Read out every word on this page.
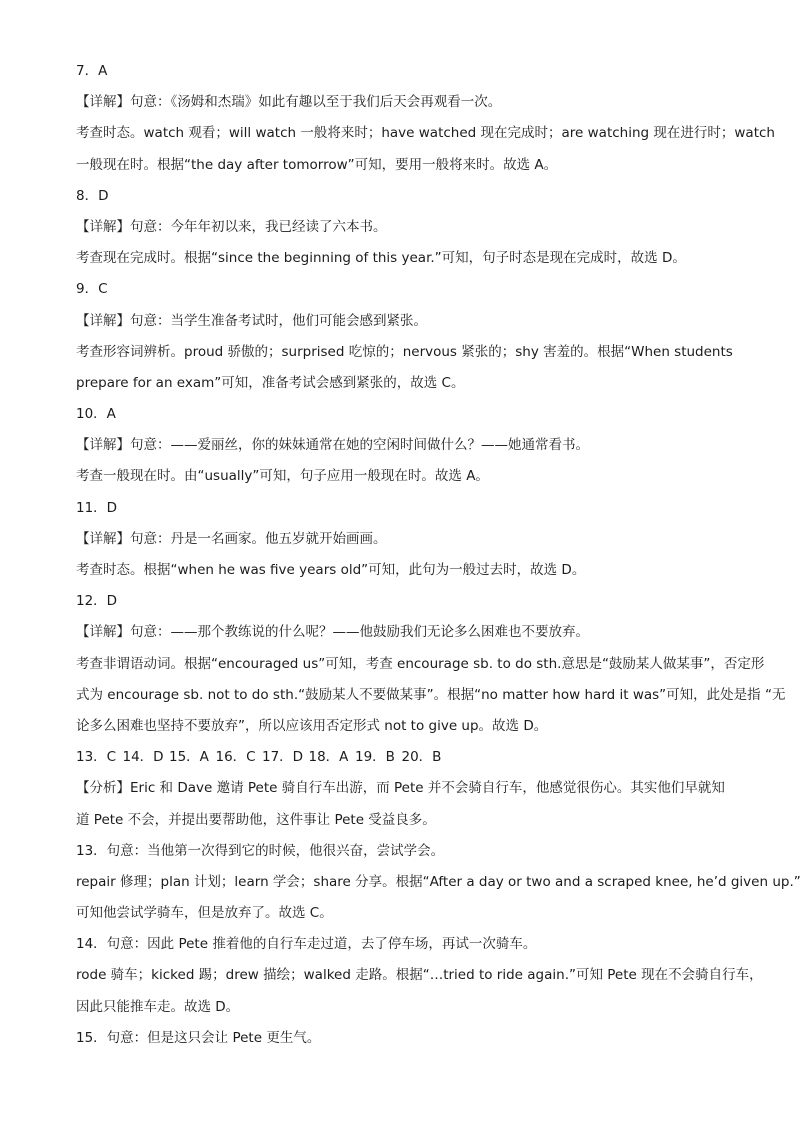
7．A
【详解】句意：《汤姆和杰瑞》如此有趣以至于我们后天会再观看一次。
考查时态。watch 观看；will watch 一般将来时；have watched 现在完成时；are watching 现在进行时；watch
一般现在时。根据“the day after tomorrow”可知，要用一般将来时。故选 A。
8．D
【详解】句意：今年年初以来，我已经读了六本书。
考查现在完成时。根据“since the beginning of this year.”可知，句子时态是现在完成时，故选 D。
9．C
【详解】句意：当学生准备考试时，他们可能会感到紧张。
考查形容词辨析。proud 骄傲的；surprised 吃惊的；nervous 紧张的；shy 害羞的。根据“When students
prepare for an exam”可知，准备考试会感到紧张的，故选 C。
10．A
【详解】句意：——爱丽丝，你的妹妹通常在她的空闲时间做什么？——她通常看书。
考查一般现在时。由“usually”可知，句子应用一般现在时。故选 A。
11．D
【详解】句意：丹是一名画家。他五岁就开始画画。
考查时态。根据“when he was five years old”可知，此句为一般过去时，故选 D。
12．D
【详解】句意：——那个教练说的什么呢？——他鼓励我们无论多么困难也不要放弃。
考查非谓语动词。根据“encouraged us”可知，考查 encourage sb. to do sth.意思是“鼓励某人做某事”，否定形
式为 encourage sb. not to do sth.“鼓励某人不要做某事”。根据“no matter how hard it was”可知，此处是指 “无
论多么困难也坚持不要放弃”，所以应该用否定形式 not to give up。故选 D。
13．C 14．D 15．A 16．C 17．D 18．A 19．B 20．B
【分析】Eric 和 Dave 邀请 Pete 骑自行车出游，而 Pete 并不会骑自行车，他感觉很伤心。其实他们早就知
道 Pete 不会，并提出要帮助他，这件事让 Pete 受益良多。
13．句意：当他第一次得到它的时候，他很兴奋，尝试学会。
repair 修理；plan 计划；learn 学会；share 分享。根据“After a day or two and a scraped knee, he’d given up.”
可知他尝试学骑车，但是放弃了。故选 C。
14．句意：因此 Pete 推着他的自行车走过道，去了停车场，再试一次骑车。
rode 骑车；kicked 踢；drew 描绘；walked 走路。根据“…tried to ride again.”可知 Pete 现在不会骑自行车，
因此只能推车走。故选 D。
15．句意：但是这只会让 Pete 更生气。
